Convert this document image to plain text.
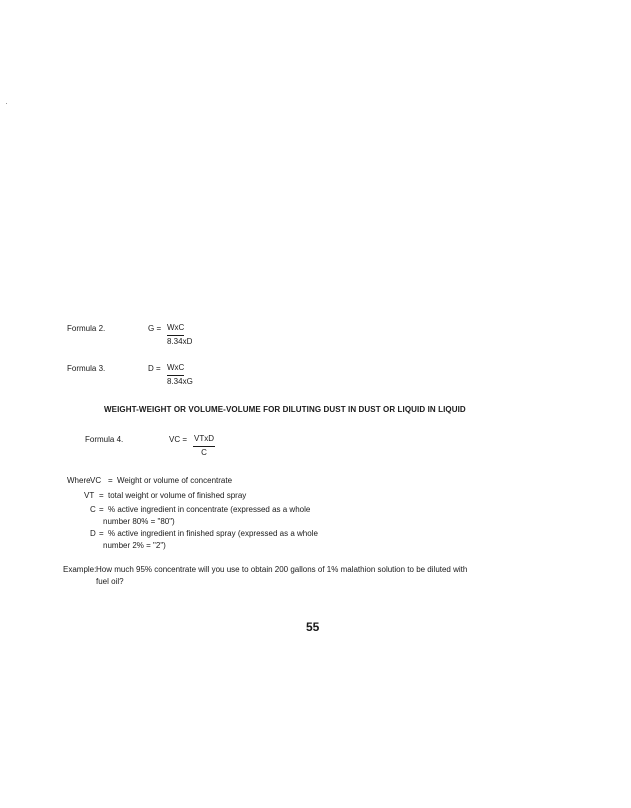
Formula 2.	G = WxC
8.34xD
Formula 3.	D = WxC
8.34xG
WEIGHT-WEIGHT OR VOLUME-VOLUME FOR DILUTING DUST IN DUST OR LIQUID IN LIQUID
Formula 4.	VC = VTxD
C
Where VC = Weight or volume of concentrate
VT = total weight or volume of finished spray
C = % active ingredient in concentrate (expressed as a whole
number 80% = "80")
D = % active ingredient in finished spray (expressed as a whole
number 2% = "2")
Example: How much 95% concentrate will you use to obtain 200 gallons of 1% malathion solution to be diluted with
fuel oil?
55
